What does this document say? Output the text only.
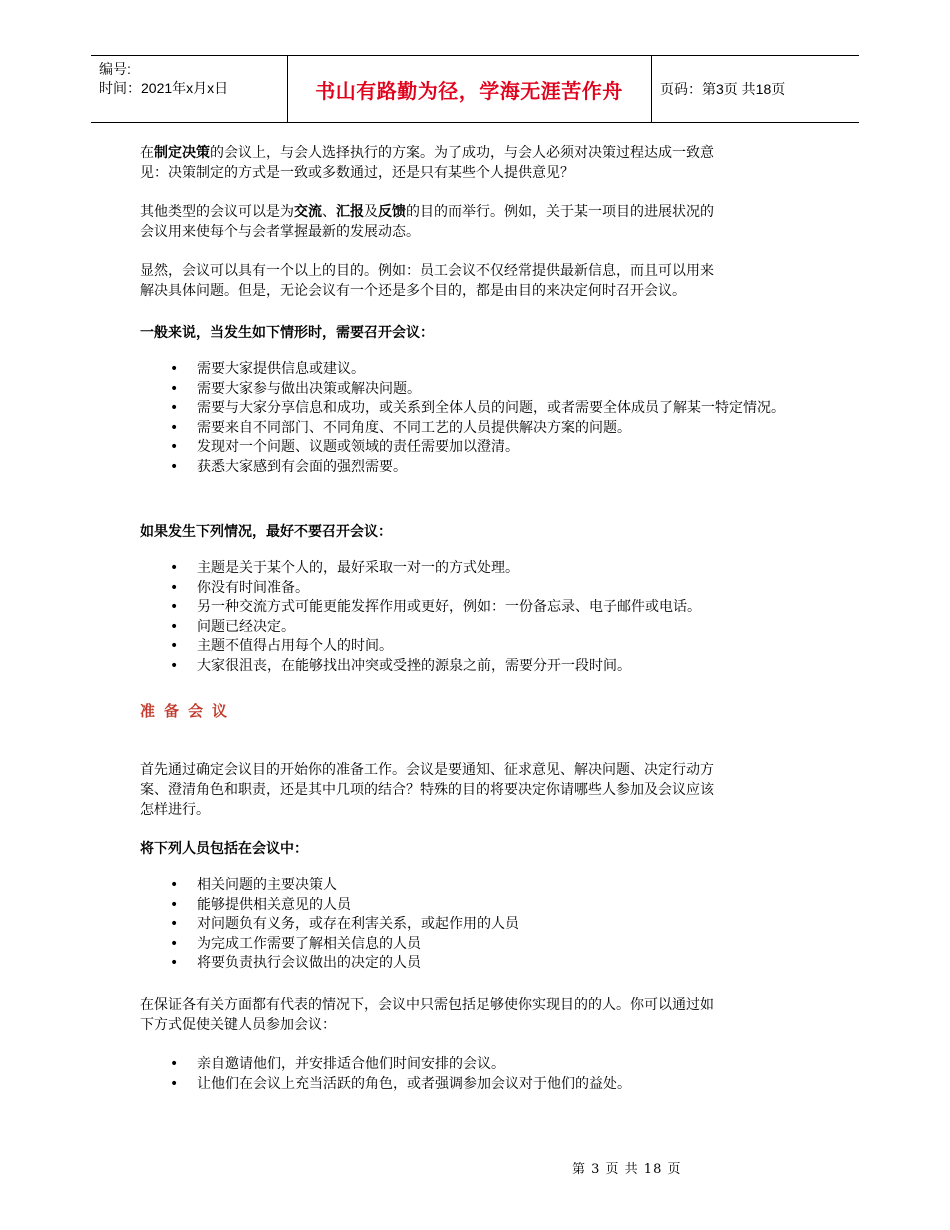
编号:
时间：2021年x月x日	书山有路勤为径，学海无涯苦作舟	页码：第3页 共18页
在制定决策的会议上，与会人选择执行的方案。为了成功，与会人必须对决策过程达成一致意
见：决策制定的方式是一致或多数通过，还是只有某些个人提供意见？
其他类型的会议可以是为交流、汇报及反馈的目的而举行。例如，关于某一项目的进展状况的
会议用来使每个与会者掌握最新的发展动态。
显然，会议可以具有一个以上的目的。例如：员工会议不仅经常提供最新信息，而且可以用来
解决具体问题。但是，无论会议有一个还是多个目的，都是由目的来决定何时召开会议。
一般来说，当发生如下情形时，需要召开会议：
• 需要大家提供信息或建议。
• 需要大家参与做出决策或解决问题。
• 需要与大家分享信息和成功，或关系到全体人员的问题，或者需要全体成员了解某一特定情况。
• 需要来自不同部门、不同角度、不同工艺的人员提供解决方案的问题。
• 发现对一个问题、议题或领域的责任需要加以澄清。
• 获悉大家感到有会面的强烈需要。
如果发生下列情况，最好不要召开会议：
• 主题是关于某个人的，最好采取一对一的方式处理。
• 你没有时间准备。
• 另一种交流方式可能更能发挥作用或更好，例如：一份备忘录、电子邮件或电话。
• 问题已经决定。
• 主题不值得占用每个人的时间。
• 大家很沮丧，在能够找出冲突或受挫的源泉之前，需要分开一段时间。
准备会议
首先通过确定会议目的开始你的准备工作。会议是要通知、征求意见、解决问题、决定行动方
案、澄清角色和职责，还是其中几项的结合？特殊的目的将要决定你请哪些人参加及会议应该
怎样进行。
将下列人员包括在会议中：
• 相关问题的主要决策人
• 能够提供相关意见的人员
• 对问题负有义务，或存在利害关系，或起作用的人员
• 为完成工作需要了解相关信息的人员
• 将要负责执行会议做出的决定的人员
在保证各有关方面都有代表的情况下，会议中只需包括足够使你实现目的的人。你可以通过如
下方式促使关键人员参加会议：
• 亲自邀请他们，并安排适合他们时间安排的会议。
• 让他们在会议上充当活跃的角色，或者强调参加会议对于他们的益处。
第 3 页 共 18 页
